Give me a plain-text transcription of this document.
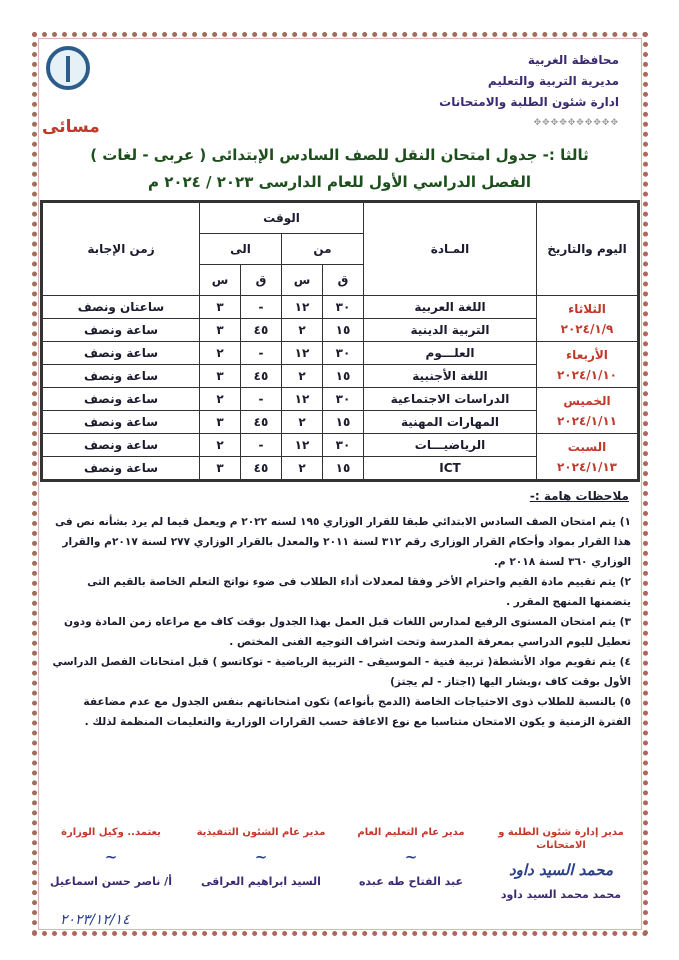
محافظة الغربية
مديرية التربية والتعليم
ادارة شئون الطلبة والامتحانات
✥✥✥✥✥✥✥✥✥✥
مسائى
ثالثا :- جدول امتحان النقل للصف السادس الإبتدائى ( عربى - لغات )
الفصل الدراسي الأول للعام الدارسى ٢٠٢٣ / ٢٠٢٤ م
اليوم والتاريخ	المـادة	الوقت				زمن الإجابة
		من		الى		
		ق	س	ق	س	

الثلاثاء
٢٠٢٤/١/٩	اللغة العربية	٣٠	١٢	-	٣	ساعتان ونصف
	التربية الدينية	١٥	٢	٤٥	٣	ساعة ونصف

الأربعاء
٢٠٢٤/١/١٠	العلـــوم	٣٠	١٢	-	٢	ساعة ونصف
	اللغة الأجنبية	١٥	٢	٤٥	٣	ساعة ونصف

الخميس
٢٠٢٤/١/١١	الدراسات الاجتماعية	٣٠	١٢	-	٢	ساعة ونصف
	المهارات المهنية	١٥	٢	٤٥	٣	ساعة ونصف

السبت
٢٠٢٤/١/١٣	الرياضيـــات	٣٠	١٢	-	٢	ساعة ونصف
	ICT	١٥	٢	٤٥	٣	ساعة ونصف
ملاحظات هامة :-

١) يتم امتحان الصف السادس الابتدائي طبقا للقرار الوزاري ١٩٥ لسنه ٢٠٢٢ م ويعمل فيما لم يرد بشأنه نص فى هذا القرار بمواد وأحكام القرار الوزارى رقم ٣١٢ لسنة ٢٠١١ والمعدل بالقرار الوزاري ٢٧٧ لسنة ٢٠١٧م والقرار الوزاري ٣٦٠ لسنة ٢٠١٨ م.

٢) يتم تقييم مادة القيم واحترام الأخر وفقا لمعدلات أداء الطلاب فى ضوء نواتج التعلم الخاصة بالقيم التى يتضمنها المنهج المقرر .

٣) يتم امتحان المستوى الرفيع لمدارس اللغات قبل العمل بهذا الجدول بوقت كاف مع مراعاه زمن المادة ودون تعطيل لليوم الدراسي بمعرفة المدرسة وتحت اشراف التوجيه الفنى المختص .

٤) يتم تقويم مواد الأنشطة( تربية فنية - الموسيقى - التربية الرياضية - توكاتسو ) قبل امتحانات الفصل الدراسي الأول بوقت كاف ،ويشار اليها (اجتاز - لم يجتز)

٥) بالنسبة للطلاب ذوى الاحتياجات الخاصة (الدمج بأنواعه) تكون امتحاناتهم بنفس الجدول مع عدم مضاعفة الفترة الزمنية و يكون الامتحان متناسبا مع نوع الاعاقة حسب القرارات الوزارية والتعليمات المنظمة لذلك .

مدير إدارة شئون الطلبة و الامتحانات
محمد السيد داود
محمد محمد السيد داود
مدير عام التعليم العام
~
عبد الفتاح طه عبده
مدير عام الشئون التنفيذية
~
السيد ابراهيم العراقى
يعتمد.. وكيل الوزارة
~
أ/ ناصر حسن اسماعيل
٢٠٢٣/١٢/١٤
